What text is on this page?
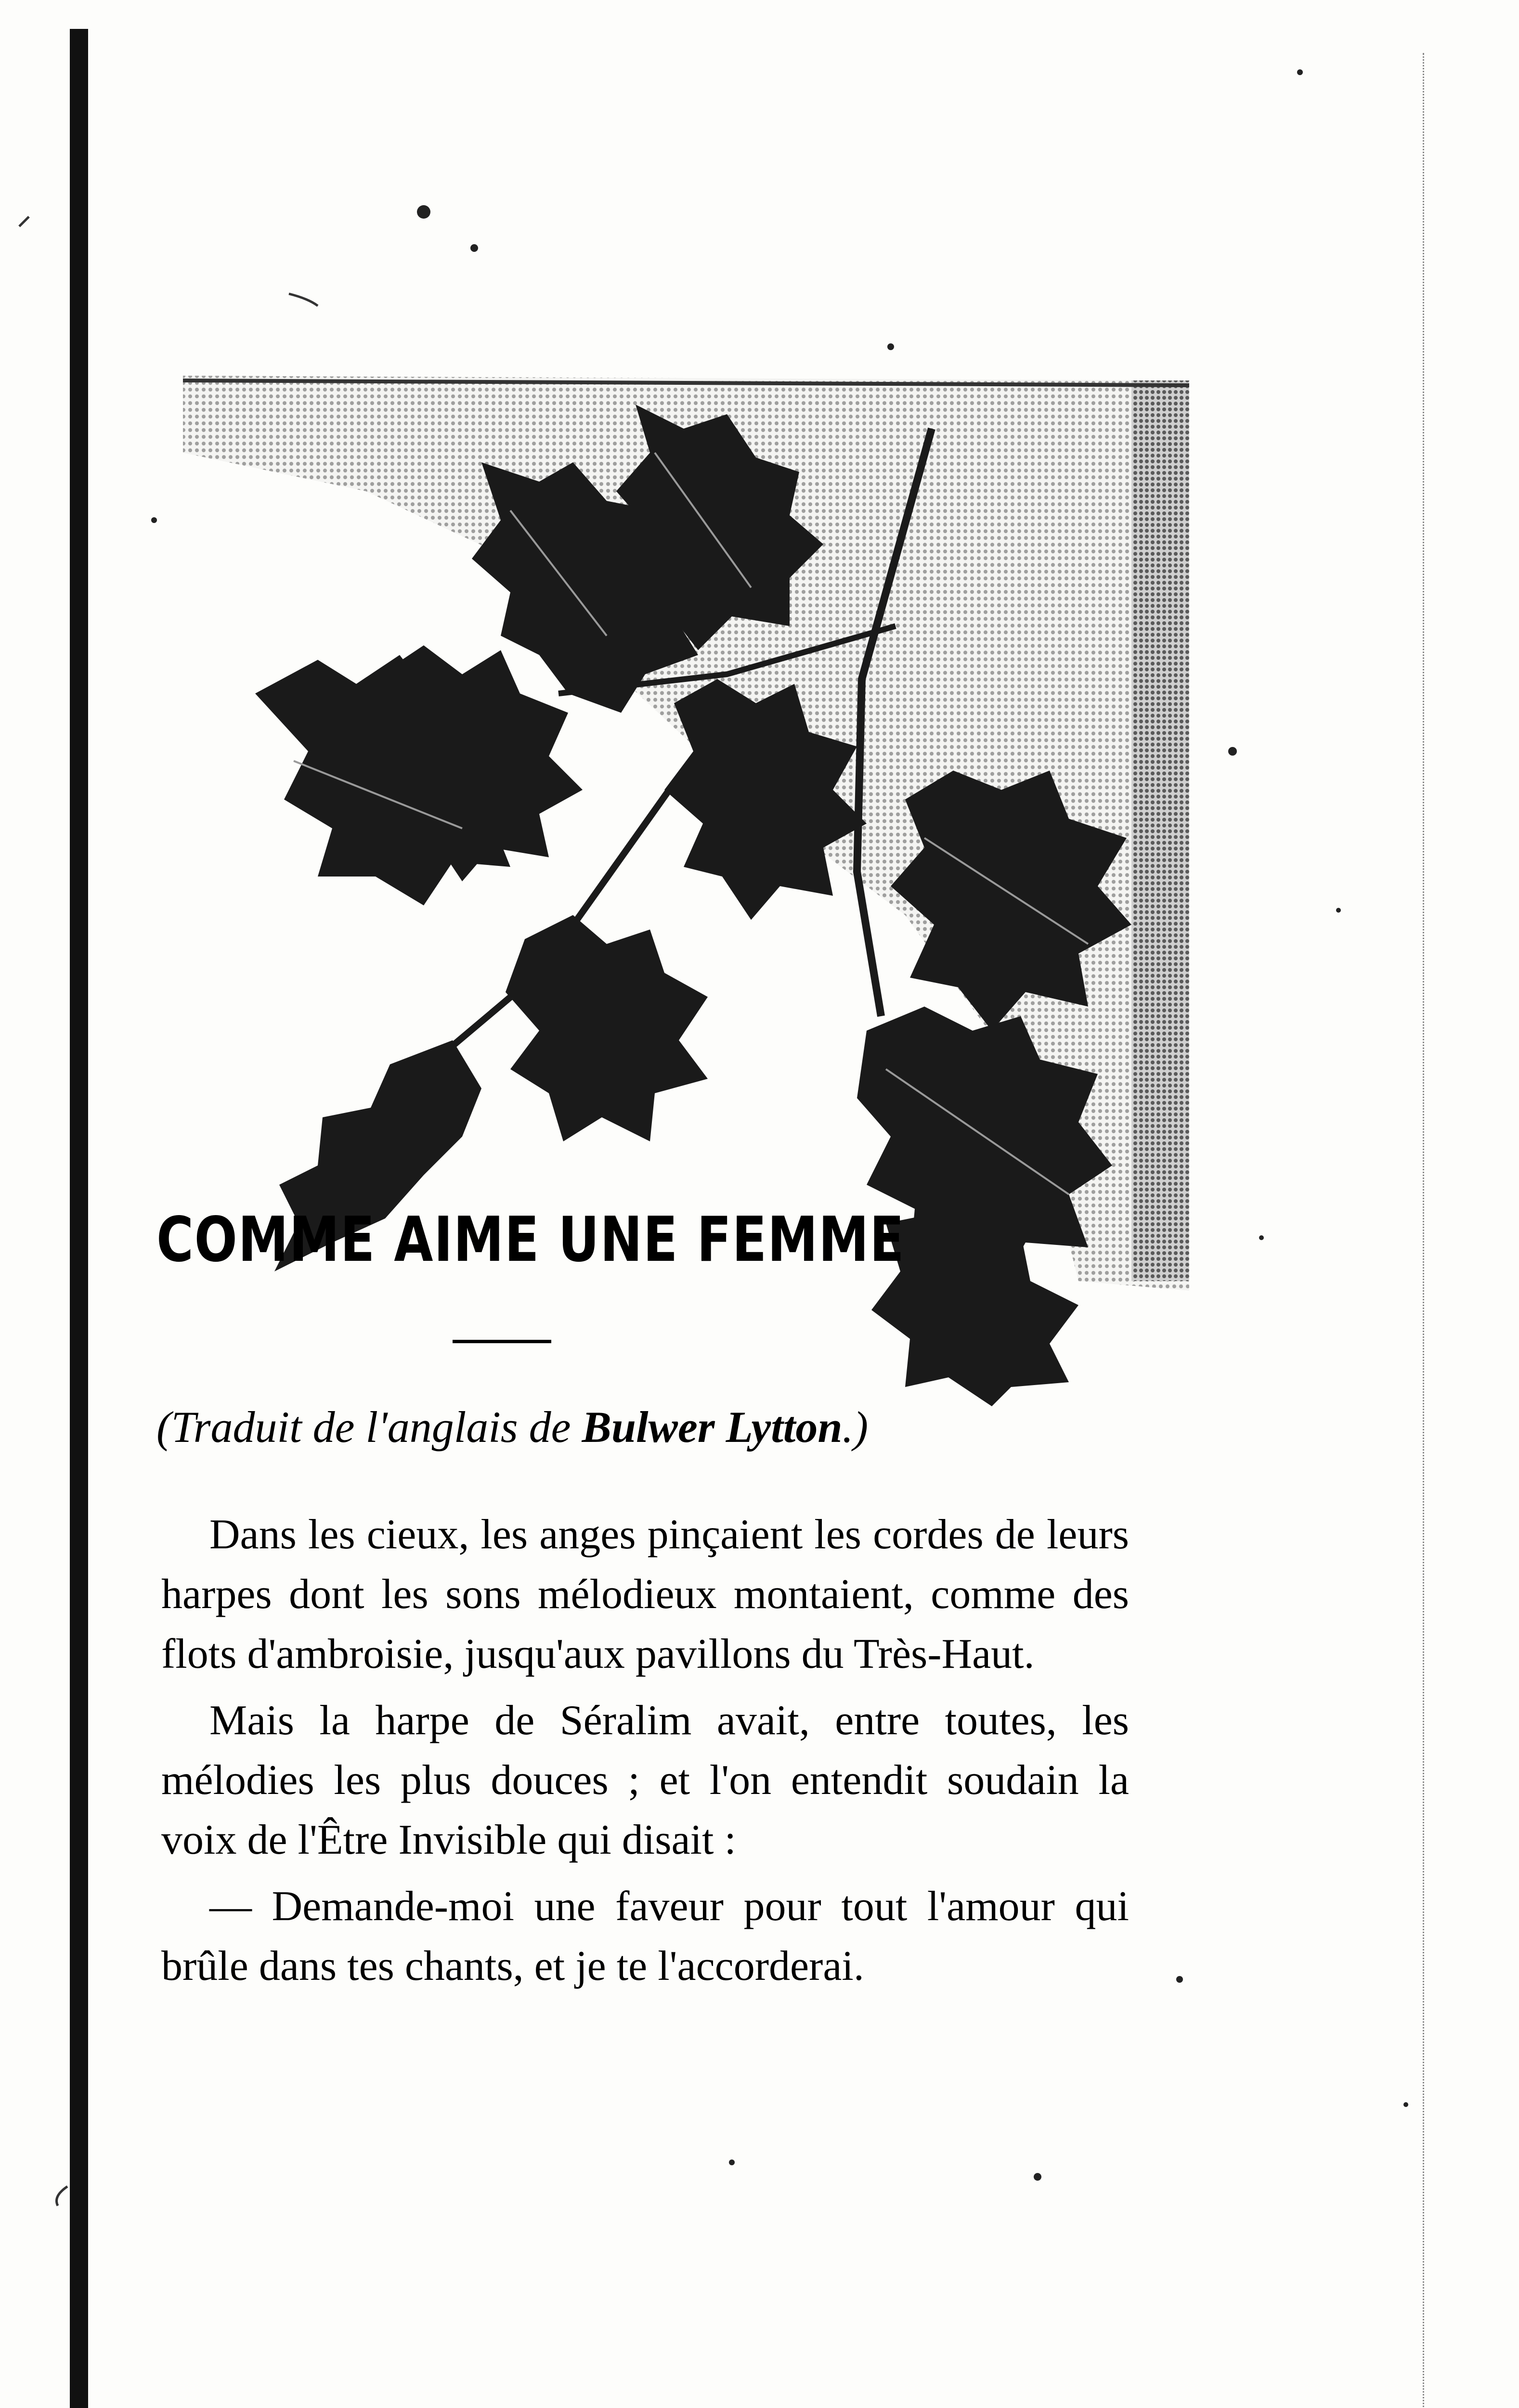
COMME AIME UNE FEMME
(Traduit de l'anglais de Bulwer Lytton.)

Dans les cieux, les anges pinçaient les cordes de leurs harpes dont les sons mélodieux montaient, comme des flots d'ambroisie, jusqu'aux pavillons du Très-Haut.

Mais la harpe de Séralim avait, entre toutes, les mélodies les plus douces ; et l'on entendit soudain la voix de l'Être Invisible qui disait :

— Demande-moi une faveur pour tout l'amour qui brûle dans tes chants, et je te l'accorderai.
